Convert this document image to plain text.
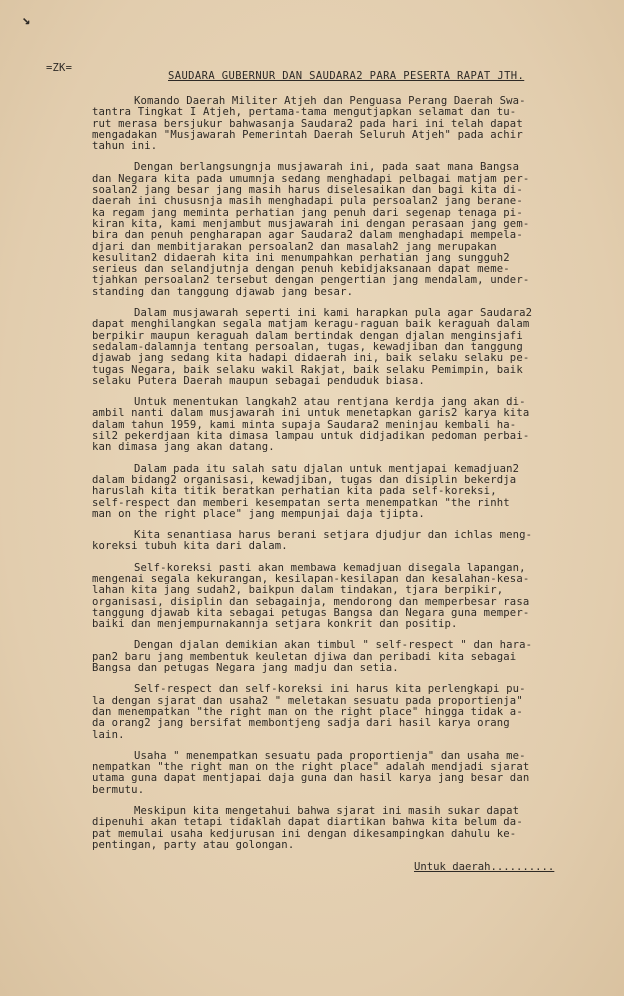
↘
=ZK=
SAUDARA GUBERNUR DAN SAUDARA2 PARA PESERTA RAPAT JTH.
Komando Daerah Militer Atjeh dan Penguasa Perang Daerah Swa-
tantra Tingkat I Atjeh, pertama-tama mengutjapkan selamat dan tu-
rut merasa bersjukur bahwasanja Saudara2 pada hari ini telah dapat
mengadakan "Musjawarah Pemerintah Daerah Seluruh Atjeh" pada achir
tahun ini.
Dengan berlangsungnja musjawarah ini, pada saat mana Bangsa
dan Negara kita pada umumnja sedang menghadapi pelbagai matjam per-
soalan2 jang besar jang masih harus diselesaikan dan bagi kita di-
daerah ini chususnja masih menghadapi pula persoalan2 jang berane-
ka regam jang meminta perhatian jang penuh dari segenap tenaga pi-
kiran kita, kami menjambut musjawarah ini dengan perasaan jang gem-
bira dan penuh pengharapan agar Saudara2 dalam menghadapi mempela-
djari dan membitjarakan persoalan2 dan masalah2 jang merupakan
kesulitan2 didaerah kita ini menumpahkan perhatian jang sungguh2
serieus dan selandjutnja dengan penuh kebidjaksanaan dapat meme-
tjahkan persoalan2 tersebut dengan pengertian jang mendalam, under-
standing dan tanggung djawab jang besar.
Dalam musjawarah seperti ini kami harapkan pula agar Saudara2
dapat menghilangkan segala matjam keragu-raguan baik keraguah dalam
berpikir maupun keraguah dalam bertindak dengan djalan menginsjafi
sedalam-dalamnja tentang persoalan, tugas, kewadjiban dan tanggung
djawab jang sedang kita hadapi didaerah ini, baik selaku selaku pe-
tugas Negara, baik selaku wakil Rakjat, baik selaku Pemimpin, baik
selaku Putera Daerah maupun sebagai penduduk biasa.
Untuk menentukan langkah2 atau rentjana kerdja jang akan di-
ambil nanti dalam musjawarah ini untuk menetapkan garis2 karya kita
dalam tahun 1959, kami minta supaja Saudara2 meninjau kembali ha-
sil2 pekerdjaan kita dimasa lampau untuk didjadikan pedoman perbai-
kan dimasa jang akan datang.
Dalam pada itu salah satu djalan untuk mentjapai kemadjuan2
dalam bidang2 organisasi, kewadjiban, tugas dan disiplin bekerdja
haruslah kita titik beratkan perhatian kita pada self-koreksi,
self-respect dan memberi kesempatan serta menempatkan "the rinht
man on the right place" jang mempunjai daja tjipta.
Kita senantiasa harus berani setjara djudjur dan ichlas meng-
koreksi tubuh kita dari dalam.
Self-koreksi pasti akan membawa kemadjuan disegala lapangan,
mengenai segala kekurangan, kesilapan-kesilapan dan kesalahan-kesa-
lahan kita jang sudah2, baikpun dalam tindakan, tjara berpikir,
organisasi, disiplin dan sebagainja, mendorong dan memperbesar rasa
tanggung djawab kita sebagai petugas Bangsa dan Negara guna memper-
baiki dan menjempurnakannja setjara konkrit dan positip.
Dengan djalan demikian akan timbul " self-respect " dan hara-
pan2 baru jang membentuk keuletan djiwa dan peribadi kita sebagai
Bangsa dan petugas Negara jang madju dan setia.
Self-respect dan self-koreksi ini harus kita perlengkapi pu-
la dengan sjarat dan usaha2 " meletakan sesuatu pada proportienja"
dan menempatkan "the right man on the right place" hingga tidak a-
da orang2 jang bersifat membontjeng sadja dari hasil karya orang
lain.
Usaha " menempatkan sesuatu pada proportienja" dan usaha me-
nempatkan "the right man on the right place" adalah mendjadi sjarat
utama guna dapat mentjapai daja guna dan hasil karya jang besar dan
bermutu.
Meskipun kita mengetahui bahwa sjarat ini masih sukar dapat
dipenuhi akan tetapi tidaklah dapat diartikan bahwa kita belum da-
pat memulai usaha kedjurusan ini dengan dikesampingkan dahulu ke-
pentingan, party atau golongan.
Untuk daerah..........
